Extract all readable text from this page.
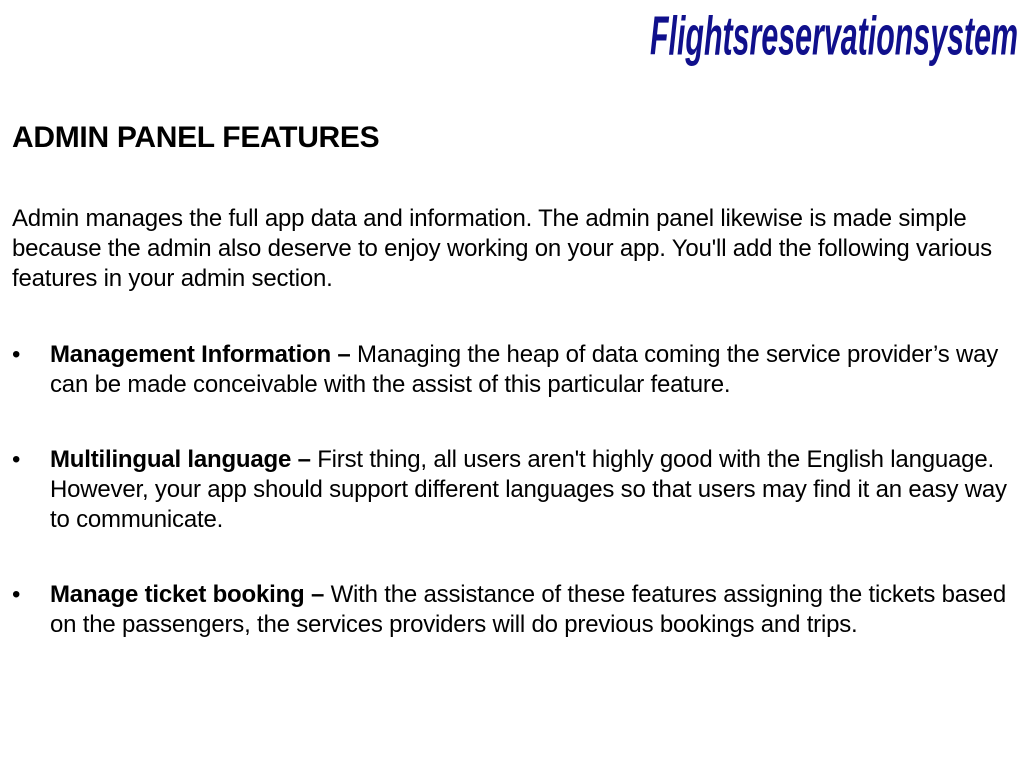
Flightsreservationsystem
ADMIN PANEL FEATURES

Admin manages the full app data and information. The admin panel likewise is made simple because the admin also deserve to enjoy working on your app. You'll add the following various features in your admin section.

•	Management Information – Managing the heap of data coming the service provider’s way can be made conceivable with the assist of this particular feature.
•	Multilingual language – First thing, all users aren't highly good with the English language. However, your app should support different languages so that users may find it an easy way to communicate.
•	Manage ticket booking – With the assistance of these features assigning the tickets based on the passengers, the services providers will do previous bookings and trips.
